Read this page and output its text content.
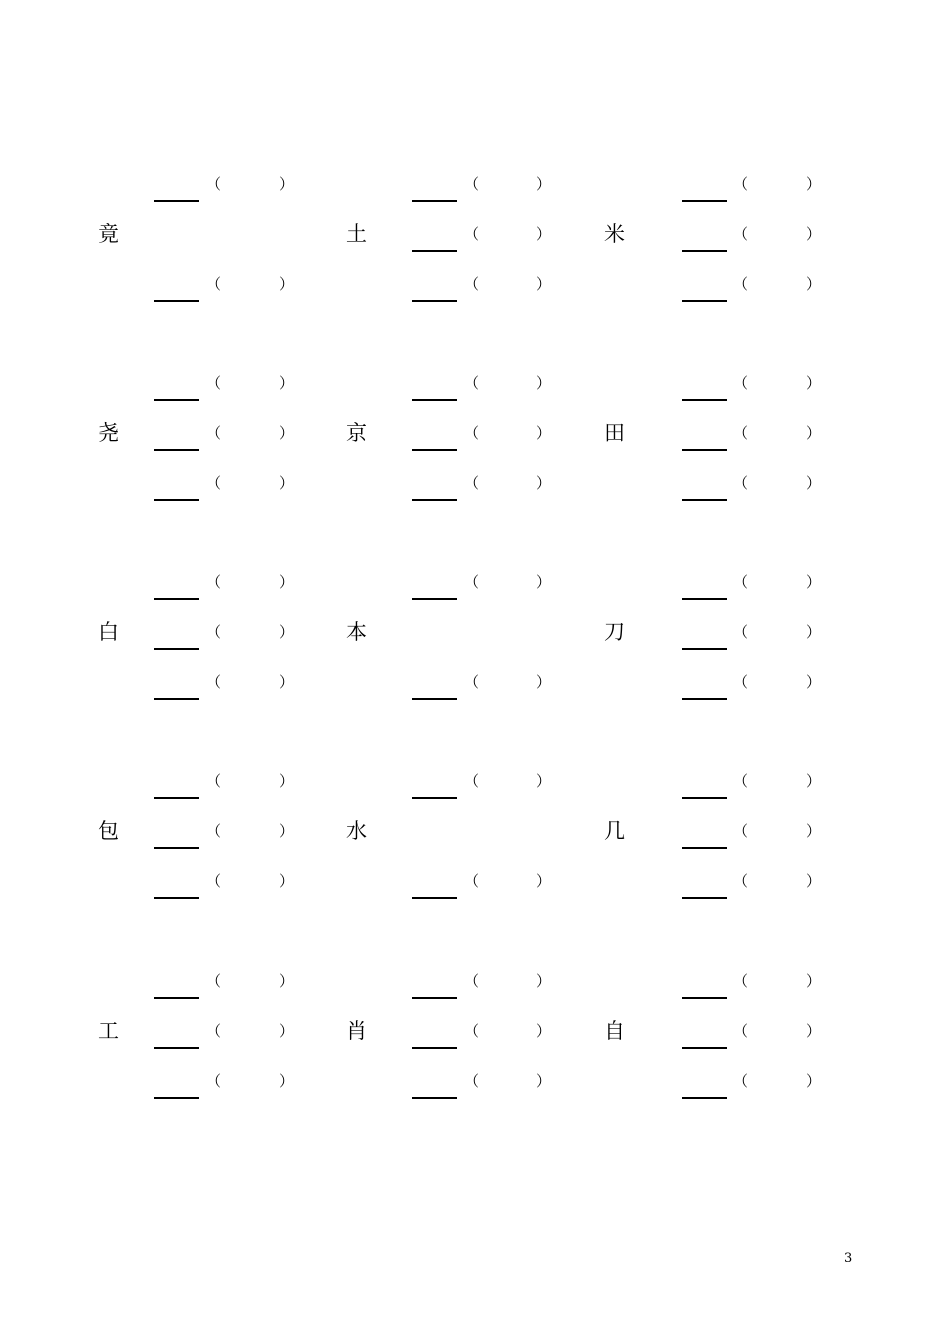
竟
（	）
（	）
土
（	）
（	）
（	）
米
（	）
（	）
（	）
尧
（	）
（	）
（	）
京
（	）
（	）
（	）
田
（	）
（	）
（	）
白
（	）
（	）
（	）
本
（	）
（	）
刀
（	）
（	）
（	）
包
（	）
（	）
（	）
水
（	）
（	）
几
（	）
（	）
（	）
工
（	）
（	）
（	）
肖
（	）
（	）
（	）
自
（	）
（	）
（	）
3
